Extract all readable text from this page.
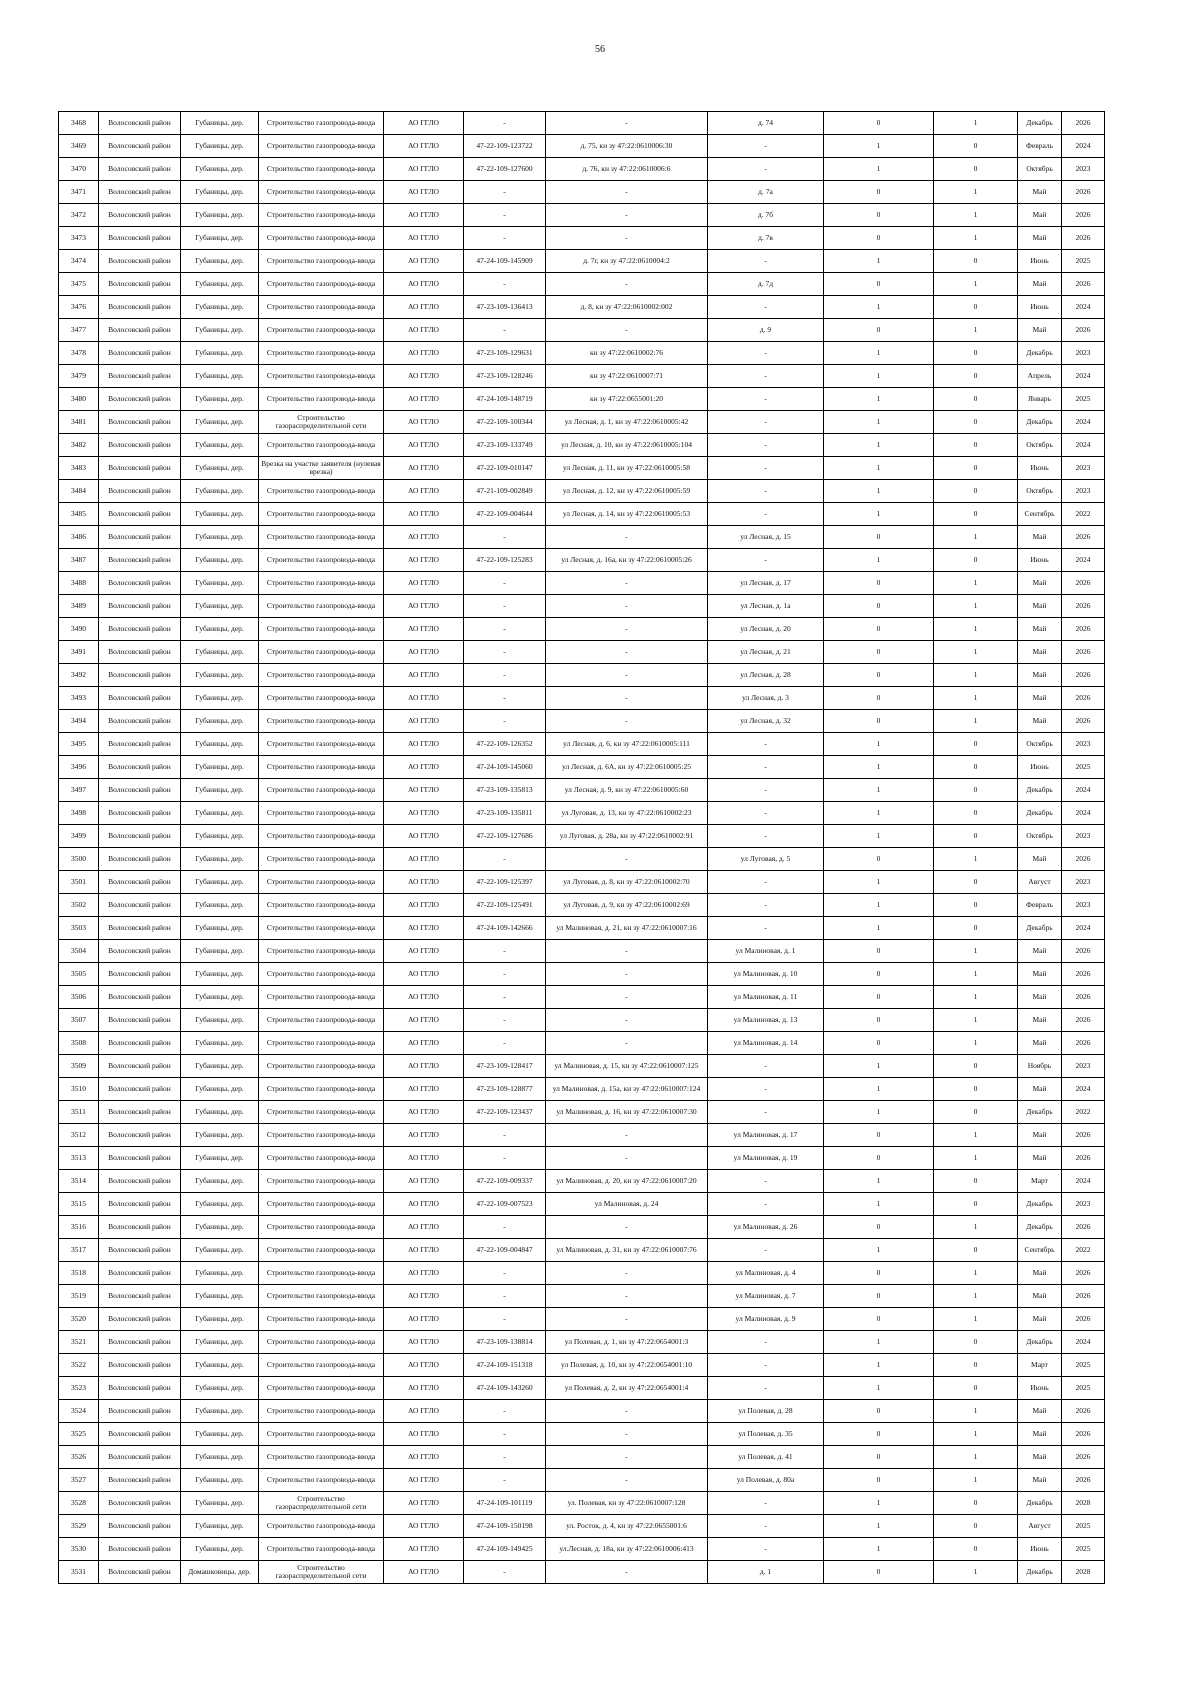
56
3468	Волосовский район	Губаницы, дер.	Строительство газопровода-ввода	АО ГГЛО	-	-	д. 74	0	1	Декабрь	2026
3469	Волосовский район	Губаницы, дер.	Строительство газопровода-ввода	АО ГГЛО	47-22-109-123722	д. 75, кн зу 47:22:0610006:30	-	1	0	Февраль	2024
3470	Волосовский район	Губаницы, дер.	Строительство газопровода-ввода	АО ГГЛО	47-22-109-127600	д. 76, кн зу 47:22:0610006:6	-	1	0	Октябрь	2023
3471	Волосовский район	Губаницы, дер.	Строительство газопровода-ввода	АО ГГЛО	-	-	д. 7а	0	1	Май	2026
3472	Волосовский район	Губаницы, дер.	Строительство газопровода-ввода	АО ГГЛО	-	-	д. 7б	0	1	Май	2026
3473	Волосовский район	Губаницы, дер.	Строительство газопровода-ввода	АО ГГЛО	-	-	д. 7в	0	1	Май	2026
3474	Волосовский район	Губаницы, дер.	Строительство газопровода-ввода	АО ГГЛО	47-24-109-145909	д. 7г, кн зу 47:22:0610004:2	-	1	0	Июнь	2025
3475	Волосовский район	Губаницы, дер.	Строительство газопровода-ввода	АО ГГЛО	-	-	д. 7д	0	1	Май	2026
3476	Волосовский район	Губаницы, дер.	Строительство газопровода-ввода	АО ГГЛО	47-23-109-136413	д. 8, кн зу 47:22:0610002:002	-	1	0	Июнь	2024
3477	Волосовский район	Губаницы, дер.	Строительство газопровода-ввода	АО ГГЛО	-	-	д. 9	0	1	Май	2026
3478	Волосовский район	Губаницы, дер.	Строительство газопровода-ввода	АО ГГЛО	47-23-109-129631	кн зу 47:22:0610002:76	-	1	0	Декабрь	2023
3479	Волосовский район	Губаницы, дер.	Строительство газопровода-ввода	АО ГГЛО	47-23-109-128246	кн зу 47:22:0610007:71	-	1	0	Апрель	2024
3480	Волосовский район	Губаницы, дер.	Строительство газопровода-ввода	АО ГГЛО	47-24-109-148719	кн зу 47:22:0655001:20	-	1	0	Январь	2025
3481	Волосовский район	Губаницы, дер.	Строительство газораспределительной сети	АО ГГЛО	47-22-109-100344	ул Лесная, д. 1, кн зу 47:22:0610005:42	-	1	0	Декабрь	2024
3482	Волосовский район	Губаницы, дер.	Строительство газопровода-ввода	АО ГГЛО	47-23-109-133749	ул Лесная, д. 10, кн зу 47:22:0610005:104	-	1	0	Октябрь	2024
3483	Волосовский район	Губаницы, дер.	Врезка на участке заявителя (нулевая врезка)	АО ГГЛО	47-22-109-010147	ул Лесная, д. 11, кн зу 47:22:0610005:58	-	1	0	Июнь	2023
3484	Волосовский район	Губаницы, дер.	Строительство газопровода-ввода	АО ГГЛО	47-21-109-002849	ул Лесная, д. 12, кн зу 47:22:0610005:59	-	1	0	Октябрь	2023
3485	Волосовский район	Губаницы, дер.	Строительство газопровода-ввода	АО ГГЛО	47-22-109-004644	ул Лесная, д. 14, кн зу 47:22:0610005:53	-	1	0	Сентябрь	2022
3486	Волосовский район	Губаницы, дер.	Строительство газопровода-ввода	АО ГГЛО	-	-	ул Лесная, д. 15	0	1	Май	2026
3487	Волосовский район	Губаницы, дер.	Строительство газопровода-ввода	АО ГГЛО	47-22-109-125283	ул Лесная, д. 16а, кн зу 47:22:0610005:26	-	1	0	Июнь	2024
3488	Волосовский район	Губаницы, дер.	Строительство газопровода-ввода	АО ГГЛО	-	-	ул Лесная, д. 17	0	1	Май	2026
3489	Волосовский район	Губаницы, дер.	Строительство газопровода-ввода	АО ГГЛО	-	-	ул Лесная, д. 1а	0	1	Май	2026
3490	Волосовский район	Губаницы, дер.	Строительство газопровода-ввода	АО ГГЛО	-	-	ул Лесная, д. 20	0	1	Май	2026
3491	Волосовский район	Губаницы, дер.	Строительство газопровода-ввода	АО ГГЛО	-	-	ул Лесная, д. 21	0	1	Май	2026
3492	Волосовский район	Губаницы, дер.	Строительство газопровода-ввода	АО ГГЛО	-	-	ул Лесная, д. 28	0	1	Май	2026
3493	Волосовский район	Губаницы, дер.	Строительство газопровода-ввода	АО ГГЛО	-	-	ул Лесная, д. 3	0	1	Май	2026
3494	Волосовский район	Губаницы, дер.	Строительство газопровода-ввода	АО ГГЛО	-	-	ул Лесная, д. 32	0	1	Май	2026
3495	Волосовский район	Губаницы, дер.	Строительство газопровода-ввода	АО ГГЛО	47-22-109-126352	ул Лесная, д. 6, кн зу 47:22:0610005:111	-	1	0	Октябрь	2023
3496	Волосовский район	Губаницы, дер.	Строительство газопровода-ввода	АО ГГЛО	47-24-109-145060	ул Лесная, д. 6А, кн зу 47:22:0610005:25	-	1	0	Июнь	2025
3497	Волосовский район	Губаницы, дер.	Строительство газопровода-ввода	АО ГГЛО	47-23-109-135813	ул Лесная, д. 9, кн зу 47:22:0610005:60	-	1	0	Декабрь	2024
3498	Волосовский район	Губаницы, дер.	Строительство газопровода-ввода	АО ГГЛО	47-23-109-135811	ул Луговая, д. 13, кн зу 47:22:0610002:23	-	1	0	Декабрь	2024
3499	Волосовский район	Губаницы, дер.	Строительство газопровода-ввода	АО ГГЛО	47-22-109-127686	ул Луговая, д. 28а, кн зу 47:22:0610002:91	-	1	0	Октябрь	2023
3500	Волосовский район	Губаницы, дер.	Строительство газопровода-ввода	АО ГГЛО	-	-	ул Луговая, д. 5	0	1	Май	2026
3501	Волосовский район	Губаницы, дер.	Строительство газопровода-ввода	АО ГГЛО	47-22-109-125397	ул Луговая, д. 8, кн зу 47:22:0610002:70	-	1	0	Август	2023
3502	Волосовский район	Губаницы, дер.	Строительство газопровода-ввода	АО ГГЛО	47-22-109-125491	ул Луговая, д. 9, кн зу 47:22:0610002:69	-	1	0	Февраль	2023
3503	Волосовский район	Губаницы, дер.	Строительство газопровода-ввода	АО ГГЛО	47-24-109-142666	ул Малиновая, д. 21, кн зу 47:22:0610007:16	-	1	0	Декабрь	2024
3504	Волосовский район	Губаницы, дер.	Строительство газопровода-ввода	АО ГГЛО	-	-	ул Малиновая, д. 1	0	1	Май	2026
3505	Волосовский район	Губаницы, дер.	Строительство газопровода-ввода	АО ГГЛО	-	-	ул Малиновая, д. 10	0	1	Май	2026
3506	Волосовский район	Губаницы, дер.	Строительство газопровода-ввода	АО ГГЛО	-	-	ул Малиновая, д. 11	0	1	Май	2026
3507	Волосовский район	Губаницы, дер.	Строительство газопровода-ввода	АО ГГЛО	-	-	ул Малиновая, д. 13	0	1	Май	2026
3508	Волосовский район	Губаницы, дер.	Строительство газопровода-ввода	АО ГГЛО	-	-	ул Малиновая, д. 14	0	1	Май	2026
3509	Волосовский район	Губаницы, дер.	Строительство газопровода-ввода	АО ГГЛО	47-23-109-128417	ул Малиновая, д. 15, кн зу 47:22:0610007:125	-	1	0	Ноябрь	2023
3510	Волосовский район	Губаницы, дер.	Строительство газопровода-ввода	АО ГГЛО	47-23-109-128877	ул Малиновая, д. 15а, кн зу 47:22:0610007:124	-	1	0	Май	2024
3511	Волосовский район	Губаницы, дер.	Строительство газопровода-ввода	АО ГГЛО	47-22-109-123437	ул Малиновая, д. 16, кн зу 47:22:0610007:30	-	1	0	Декабрь	2022
3512	Волосовский район	Губаницы, дер.	Строительство газопровода-ввода	АО ГГЛО	-	-	ул Малиновая, д. 17	0	1	Май	2026
3513	Волосовский район	Губаницы, дер.	Строительство газопровода-ввода	АО ГГЛО	-	-	ул Малиновая, д. 19	0	1	Май	2026
3514	Волосовский район	Губаницы, дер.	Строительство газопровода-ввода	АО ГГЛО	47-22-109-009337	ул Малиновая, д. 20, кн зу 47:22:0610007:20	-	1	0	Март	2024
3515	Волосовский район	Губаницы, дер.	Строительство газопровода-ввода	АО ГГЛО	47-22-109-007523	ул Малиновая, д. 24	-	1	0	Декабрь	2023
3516	Волосовский район	Губаницы, дер.	Строительство газопровода-ввода	АО ГГЛО	-	-	ул Малиновая, д. 26	0	1	Декабрь	2026
3517	Волосовский район	Губаницы, дер.	Строительство газопровода-ввода	АО ГГЛО	47-22-109-004847	ул Малиновая, д. 31, кн зу 47:22:0610007:76	-	1	0	Сентябрь	2022
3518	Волосовский район	Губаницы, дер.	Строительство газопровода-ввода	АО ГГЛО	-	-	ул Малиновая, д. 4	0	1	Май	2026
3519	Волосовский район	Губаницы, дер.	Строительство газопровода-ввода	АО ГГЛО	-	-	ул Малиновая, д. 7	0	1	Май	2026
3520	Волосовский район	Губаницы, дер.	Строительство газопровода-ввода	АО ГГЛО	-	-	ул Малиновая, д. 9	0	1	Май	2026
3521	Волосовский район	Губаницы, дер.	Строительство газопровода-ввода	АО ГГЛО	47-23-109-138814	ул Полевая, д. 1, кн зу 47:22:0654001:3	-	1	0	Декабрь	2024
3522	Волосовский район	Губаницы, дер.	Строительство газопровода-ввода	АО ГГЛО	47-24-109-151318	ул Полевая, д. 10, кн зу 47:22:0654001:10	-	1	0	Март	2025
3523	Волосовский район	Губаницы, дер.	Строительство газопровода-ввода	АО ГГЛО	47-24-109-143260	ул Полевая, д. 2, кн зу 47:22:0654001:4	-	1	0	Июнь	2025
3524	Волосовский район	Губаницы, дер.	Строительство газопровода-ввода	АО ГГЛО	-	-	ул Полевая, д. 28	0	1	Май	2026
3525	Волосовский район	Губаницы, дер.	Строительство газопровода-ввода	АО ГГЛО	-	-	ул Полевая, д. 35	0	1	Май	2026
3526	Волосовский район	Губаницы, дер.	Строительство газопровода-ввода	АО ГГЛО	-	-	ул Полевая, д. 41	0	1	Май	2026
3527	Волосовский район	Губаницы, дер.	Строительство газопровода-ввода	АО ГГЛО	-	-	ул Полевая, д. 80а	0	1	Май	2026
3528	Волосовский район	Губаницы, дер.	Строительство газораспределительной сети	АО ГГЛО	47-24-109-101119	ул. Полевая, кн зу 47:22:0610007:128	-	1	0	Декабрь	2028
3529	Волосовский район	Губаницы, дер.	Строительство газопровода-ввода	АО ГГЛО	47-24-109-150198	ул. Росток, д. 4, кн зу 47:22:0655001:6	-	1	0	Август	2025
3530	Волосовский район	Губаницы, дер.	Строительство газопровода-ввода	АО ГГЛО	47-24-109-149425	ул.Лесная, д. 18а, кн зу 47:22:0610006:413	-	1	0	Июнь	2025
3531	Волосовский район	Домашковицы, дер.	Строительство газораспределительной сети	АО ГГЛО	-	-	д. 1	0	1	Декабрь	2028
